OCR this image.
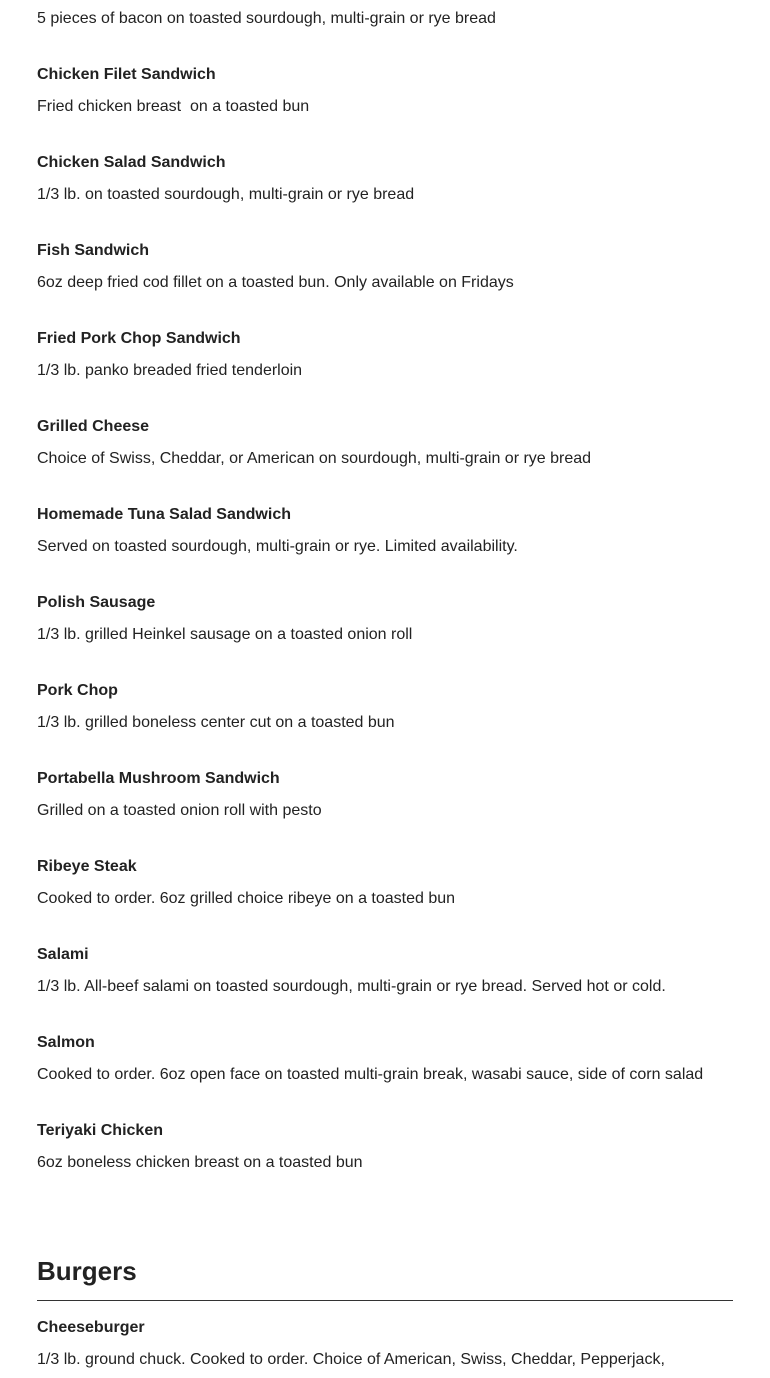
5 pieces of bacon on toasted sourdough, multi-grain or rye bread

Chicken Filet Sandwich

Fried chicken breast  on a toasted bun

Chicken Salad Sandwich

1/3 lb. on toasted sourdough, multi-grain or rye bread

Fish Sandwich

6oz deep fried cod fillet on a toasted bun. Only available on Fridays

Fried Pork Chop Sandwich

1/3 lb. panko breaded fried tenderloin

Grilled Cheese

Choice of Swiss, Cheddar, or American on sourdough, multi-grain or rye bread

Homemade Tuna Salad Sandwich

Served on toasted sourdough, multi-grain or rye. Limited availability.

Polish Sausage

1/3 lb. grilled Heinkel sausage on a toasted onion roll

Pork Chop

1/3 lb. grilled boneless center cut on a toasted bun

Portabella Mushroom Sandwich

Grilled on a toasted onion roll with pesto

Ribeye Steak

Cooked to order. 6oz grilled choice ribeye on a toasted bun

Salami

1/3 lb. All-beef salami on toasted sourdough, multi-grain or rye bread. Served hot or cold.

Salmon

Cooked to order. 6oz open face on toasted multi-grain break, wasabi sauce, side of corn salad

Teriyaki Chicken

6oz boneless chicken breast on a toasted bun

Burgers
Cheeseburger

1/3 lb. ground chuck. Cooked to order. Choice of American, Swiss, Cheddar, Pepperjack,
